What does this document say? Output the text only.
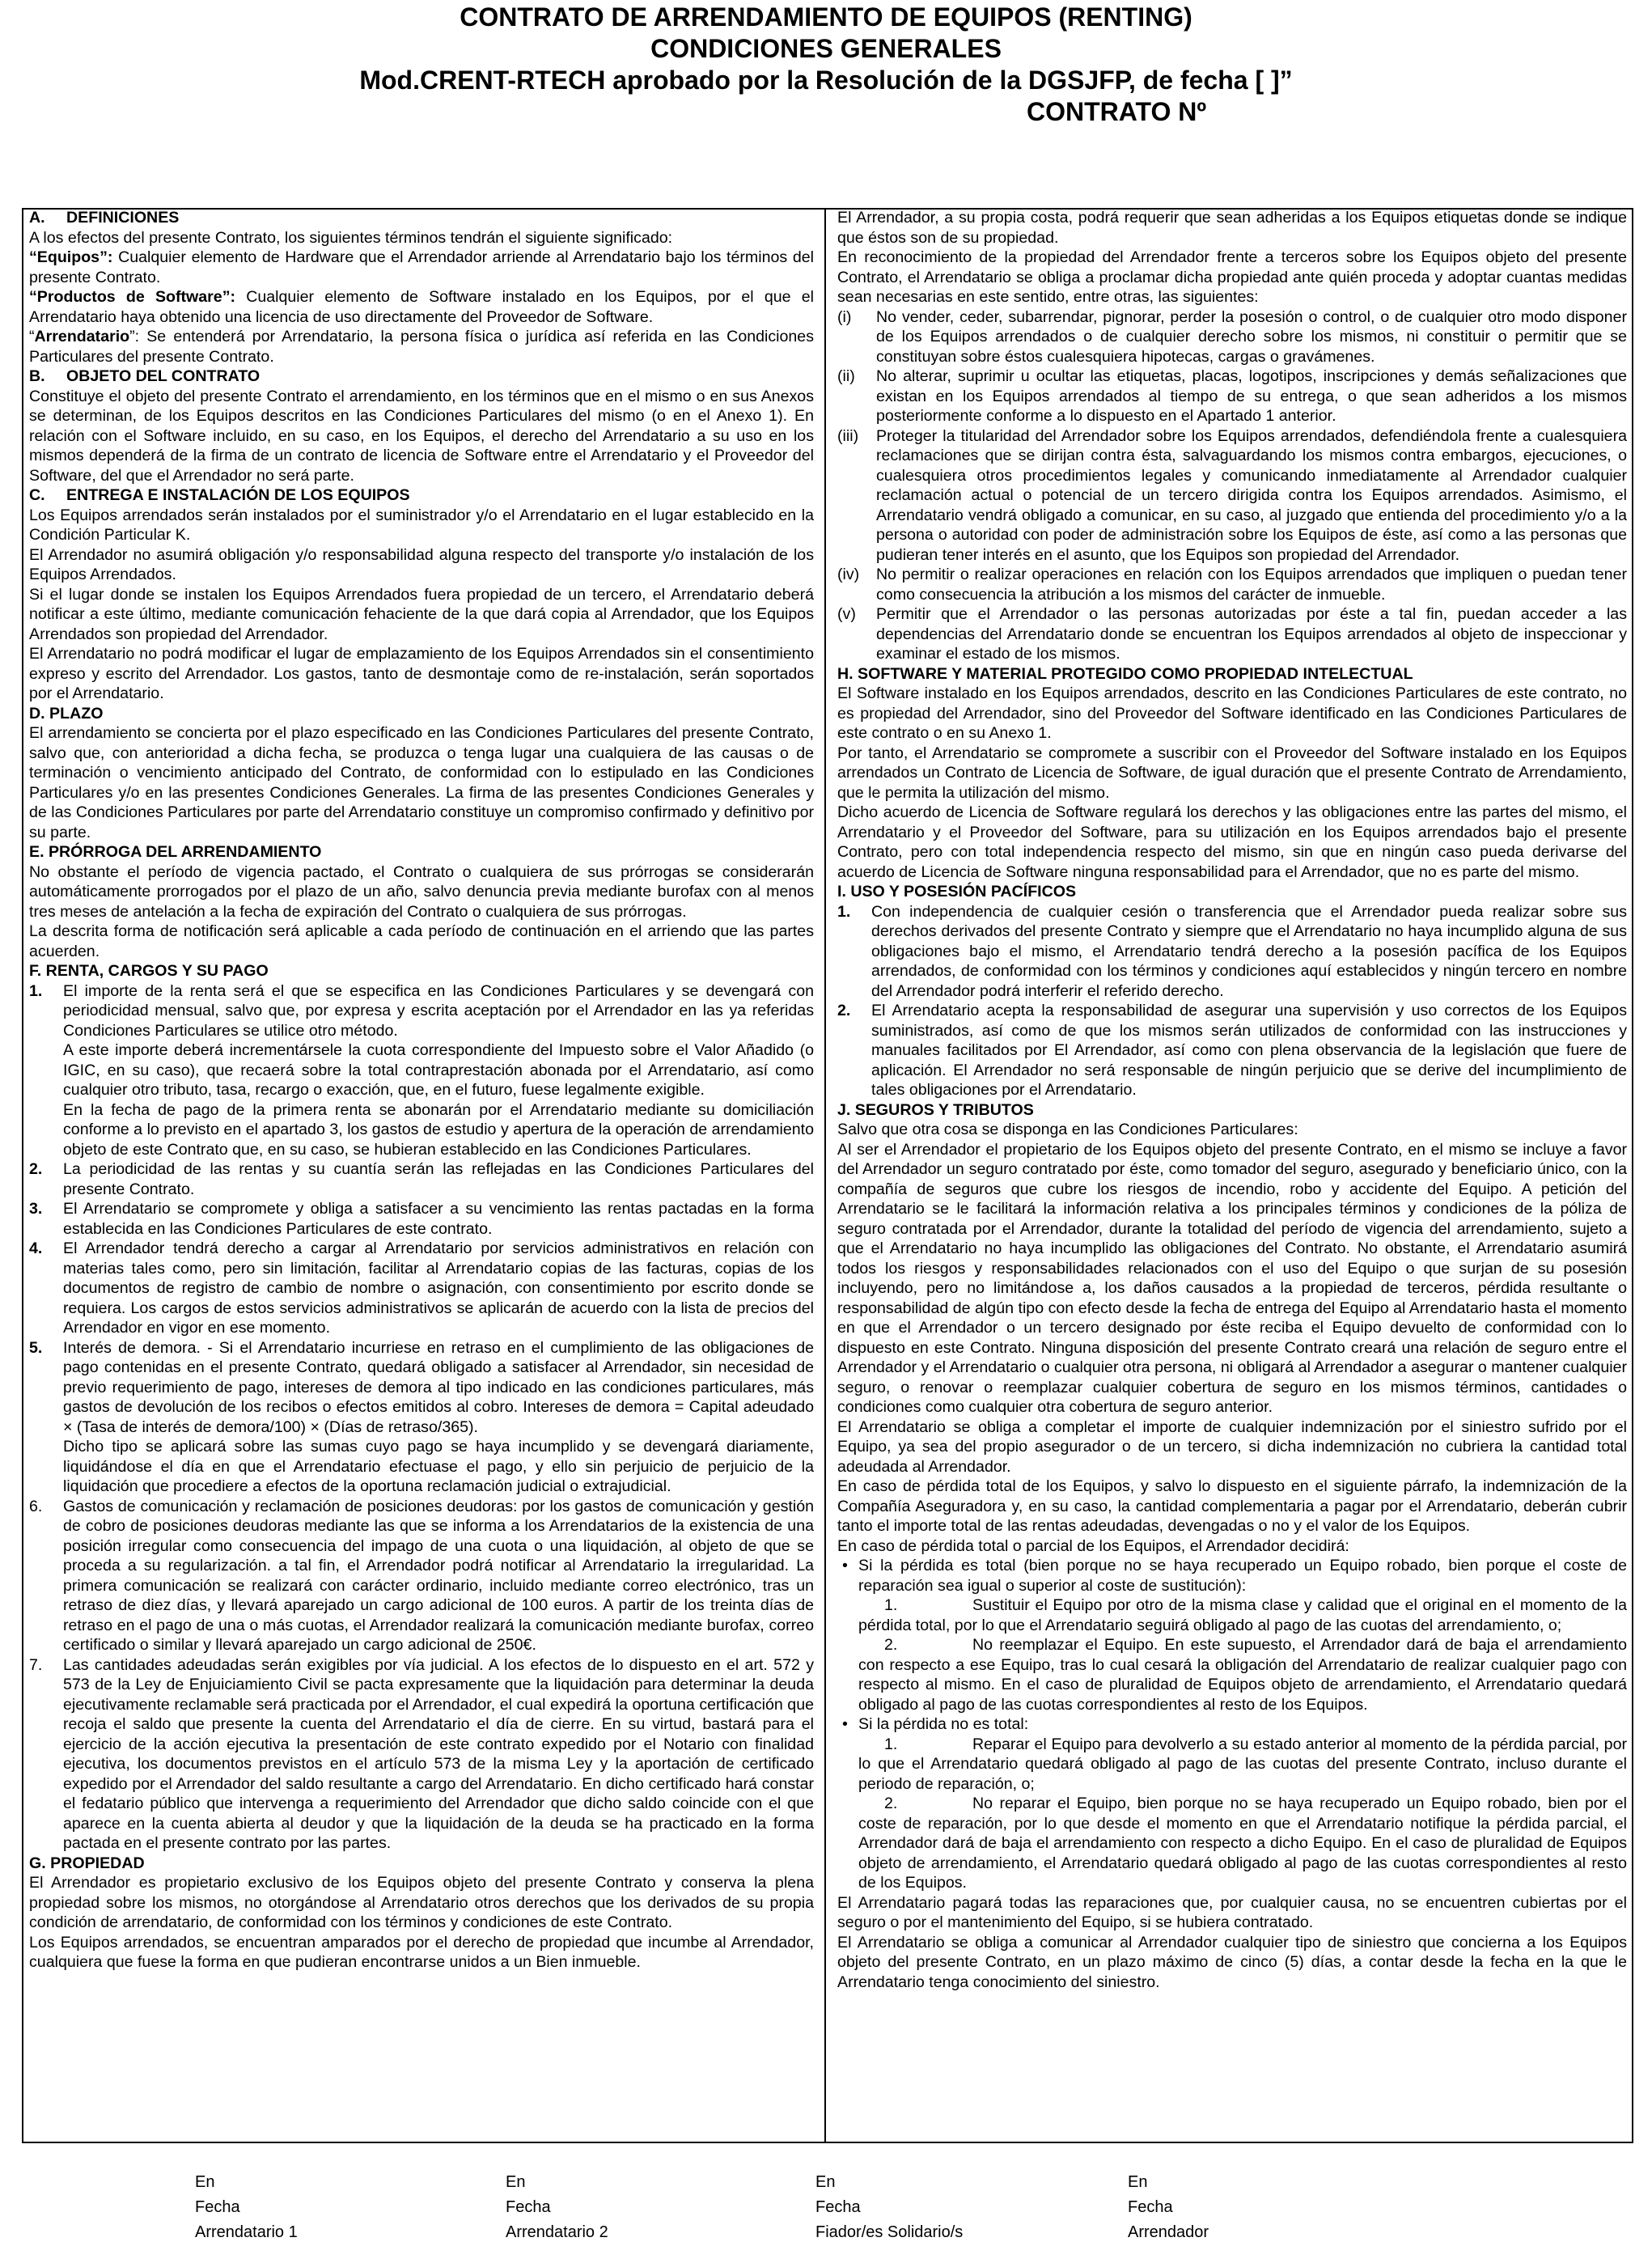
CONTRATO DE ARRENDAMIENTO DE EQUIPOS (RENTING)
CONDICIONES GENERALES
Mod.CRENT-RTECH aprobado por la Resolución de la DGSJFP, de fecha [ ]”
CONTRATO Nº

A. DEFINICIONES

A los efectos del presente Contrato, los siguientes términos tendrán el siguiente significado:

“Equipos”: Cualquier elemento de Hardware que el Arrendador arriende al Arrendatario bajo los términos del presente Contrato.

“Productos de Software”: Cualquier elemento de Software instalado en los Equipos, por el que el Arrendatario haya obtenido una licencia de uso directamente del Proveedor de Software.

“Arrendatario”: Se entenderá por Arrendatario, la persona física o jurídica así referida en las Condiciones Particulares del presente Contrato.

B. OBJETO DEL CONTRATO

Constituye el objeto del presente Contrato el arrendamiento, en los términos que en el mismo o en sus Anexos se determinan, de los Equipos descritos en las Condiciones Particulares del mismo (o en el Anexo 1). En relación con el Software incluido, en su caso, en los Equipos, el derecho del Arrendatario a su uso en los mismos dependerá de la firma de un contrato de licencia de Software entre el Arrendatario y el Proveedor del Software, del que el Arrendador no será parte.

C. ENTREGA E INSTALACIÓN DE LOS EQUIPOS

Los Equipos arrendados serán instalados por el suministrador y/o el Arrendatario en el lugar establecido en la Condición Particular K.

El Arrendador no asumirá obligación y/o responsabilidad alguna respecto del transporte y/o instalación de los Equipos Arrendados.

Si el lugar donde se instalen los Equipos Arrendados fuera propiedad de un tercero, el Arrendatario deberá notificar a este último, mediante comunicación fehaciente de la que dará copia al Arrendador, que los Equipos Arrendados son propiedad del Arrendador.

El Arrendatario no podrá modificar el lugar de emplazamiento de los Equipos Arrendados sin el consentimiento expreso y escrito del Arrendador. Los gastos, tanto de desmontaje como de re-instalación, serán soportados por el Arrendatario.

D. PLAZO

El arrendamiento se concierta por el plazo especificado en las Condiciones Particulares del presente Contrato, salvo que, con anterioridad a dicha fecha, se produzca o tenga lugar una cualquiera de las causas o de terminación o vencimiento anticipado del Contrato, de conformidad con lo estipulado en las Condiciones Particulares y/o en las presentes Condiciones Generales. La firma de las presentes Condiciones Generales y de las Condiciones Particulares por parte del Arrendatario constituye un compromiso confirmado y definitivo por su parte.

E. PRÓRROGA DEL ARRENDAMIENTO

No obstante el período de vigencia pactado, el Contrato o cualquiera de sus prórrogas se considerarán automáticamente prorrogados por el plazo de un año, salvo denuncia previa mediante burofax con al menos tres meses de antelación a la fecha de expiración del Contrato o cualquiera de sus prórrogas.

La descrita forma de notificación será aplicable a cada período de continuación en el arriendo que las partes acuerden.

F. RENTA, CARGOS Y SU PAGO

1. El importe de la renta será el que se especifica en las Condiciones Particulares y se devengará con periodicidad mensual, salvo que, por expresa y escrita aceptación por el Arrendador en las ya referidas Condiciones Particulares se utilice otro método.

A este importe deberá incrementársele la cuota correspondiente del Impuesto sobre el Valor Añadido (o IGIC, en su caso), que recaerá sobre la total contraprestación abonada por el Arrendatario, así como cualquier otro tributo, tasa, recargo o exacción, que, en el futuro, fuese legalmente exigible.

En la fecha de pago de la primera renta se abonarán por el Arrendatario mediante su domiciliación conforme a lo previsto en el apartado 3, los gastos de estudio y apertura de la operación de arrendamiento objeto de este Contrato que, en su caso, se hubieran establecido en las Condiciones Particulares.

2. La periodicidad de las rentas y su cuantía serán las reflejadas en las Condiciones Particulares del presente Contrato.

3. El Arrendatario se compromete y obliga a satisfacer a su vencimiento las rentas pactadas en la forma establecida en las Condiciones Particulares de este contrato.

4. El Arrendador tendrá derecho a cargar al Arrendatario por servicios administrativos en relación con materias tales como, pero sin limitación, facilitar al Arrendatario copias de las facturas, copias de los documentos de registro de cambio de nombre o asignación, con consentimiento por escrito donde se requiera. Los cargos de estos servicios administrativos se aplicarán de acuerdo con la lista de precios del Arrendador en vigor en ese momento.

5. Interés de demora. - Si el Arrendatario incurriese en retraso en el cumplimiento de las obligaciones de pago contenidas en el presente Contrato, quedará obligado a satisfacer al Arrendador, sin necesidad de previo requerimiento de pago, intereses de demora al tipo indicado en las condiciones particulares, más gastos de devolución de los recibos o efectos emitidos al cobro. Intereses de demora = Capital adeudado × (Tasa de interés de demora/100) × (Días de retraso/365).

Dicho tipo se aplicará sobre las sumas cuyo pago se haya incumplido y se devengará diariamente, liquidándose el día en que el Arrendatario efectuase el pago, y ello sin perjuicio de perjuicio de la liquidación que procediere a efectos de la oportuna reclamación judicial o extrajudicial.

6. Gastos de comunicación y reclamación de posiciones deudoras: por los gastos de comunicación y gestión de cobro de posiciones deudoras mediante las que se informa a los Arrendatarios de la existencia de una posición irregular como consecuencia del impago de una cuota o una liquidación, al objeto de que se proceda a su regularización. a tal fin, el Arrendador podrá notificar al Arrendatario la irregularidad. La primera comunicación se realizará con carácter ordinario, incluido mediante correo electrónico, tras un retraso de diez días, y llevará aparejado un cargo adicional de 100 euros. A partir de los treinta días de retraso en el pago de una o más cuotas, el Arrendador realizará la comunicación mediante burofax, correo certificado o similar y llevará aparejado un cargo adicional de 250€.

7. Las cantidades adeudadas serán exigibles por vía judicial. A los efectos de lo dispuesto en el art. 572 y 573 de la Ley de Enjuiciamiento Civil se pacta expresamente que la liquidación para determinar la deuda ejecutivamente reclamable será practicada por el Arrendador, el cual expedirá la oportuna certificación que recoja el saldo que presente la cuenta del Arrendatario el día de cierre. En su virtud, bastará para el ejercicio de la acción ejecutiva la presentación de este contrato expedido por el Notario con finalidad ejecutiva, los documentos previstos en el artículo 573 de la misma Ley y la aportación de certificado expedido por el Arrendador del saldo resultante a cargo del Arrendatario. En dicho certificado hará constar el fedatario público que intervenga a requerimiento del Arrendador que dicho saldo coincide con el que aparece en la cuenta abierta al deudor y que la liquidación de la deuda se ha practicado en la forma pactada en el presente contrato por las partes.

G. PROPIEDAD

El Arrendador es propietario exclusivo de los Equipos objeto del presente Contrato y conserva la plena propiedad sobre los mismos, no otorgándose al Arrendatario otros derechos que los derivados de su propia condición de arrendatario, de conformidad con los términos y condiciones de este Contrato.

Los Equipos arrendados, se encuentran amparados por el derecho de propiedad que incumbe al Arrendador, cualquiera que fuese la forma en que pudieran encontrarse unidos a un Bien inmueble.

El Arrendador, a su propia costa, podrá requerir que sean adheridas a los Equipos etiquetas donde se indique que éstos son de su propiedad.

En reconocimiento de la propiedad del Arrendador frente a terceros sobre los Equipos objeto del presente Contrato, el Arrendatario se obliga a proclamar dicha propiedad ante quién proceda y adoptar cuantas medidas sean necesarias en este sentido, entre otras, las siguientes:

(i) No vender, ceder, subarrendar, pignorar, perder la posesión o control, o de cualquier otro modo disponer de los Equipos arrendados o de cualquier derecho sobre los mismos, ni constituir o permitir que se constituyan sobre éstos cualesquiera hipotecas, cargas o gravámenes.

(ii) No alterar, suprimir u ocultar las etiquetas, placas, logotipos, inscripciones y demás señalizaciones que existan en los Equipos arrendados al tiempo de su entrega, o que sean adheridos a los mismos posteriormente conforme a lo dispuesto en el Apartado 1 anterior.

(iii) Proteger la titularidad del Arrendador sobre los Equipos arrendados, defendiéndola frente a cualesquiera reclamaciones que se dirijan contra ésta, salvaguardando los mismos contra embargos, ejecuciones, o cualesquiera otros procedimientos legales y comunicando inmediatamente al Arrendador cualquier reclamación actual o potencial de un tercero dirigida contra los Equipos arrendados. Asimismo, el Arrendatario vendrá obligado a comunicar, en su caso, al juzgado que entienda del procedimiento y/o a la persona o autoridad con poder de administración sobre los Equipos de éste, así como a las personas que pudieran tener interés en el asunto, que los Equipos son propiedad del Arrendador.

(iv) No permitir o realizar operaciones en relación con los Equipos arrendados que impliquen o puedan tener como consecuencia la atribución a los mismos del carácter de inmueble.

(v) Permitir que el Arrendador o las personas autorizadas por éste a tal fin, puedan acceder a las dependencias del Arrendatario donde se encuentran los Equipos arrendados al objeto de inspeccionar y examinar el estado de los mismos.

H. SOFTWARE Y MATERIAL PROTEGIDO COMO PROPIEDAD INTELECTUAL

El Software instalado en los Equipos arrendados, descrito en las Condiciones Particulares de este contrato, no es propiedad del Arrendador, sino del Proveedor del Software identificado en las Condiciones Particulares de este contrato o en su Anexo 1.

Por tanto, el Arrendatario se compromete a suscribir con el Proveedor del Software instalado en los Equipos arrendados un Contrato de Licencia de Software, de igual duración que el presente Contrato de Arrendamiento, que le permita la utilización del mismo.

Dicho acuerdo de Licencia de Software regulará los derechos y las obligaciones entre las partes del mismo, el Arrendatario y el Proveedor del Software, para su utilización en los Equipos arrendados bajo el presente Contrato, pero con total independencia respecto del mismo, sin que en ningún caso pueda derivarse del acuerdo de Licencia de Software ninguna responsabilidad para el Arrendador, que no es parte del mismo.

I. USO Y POSESIÓN PACÍFICOS

1. Con independencia de cualquier cesión o transferencia que el Arrendador pueda realizar sobre sus derechos derivados del presente Contrato y siempre que el Arrendatario no haya incumplido alguna de sus obligaciones bajo el mismo, el Arrendatario tendrá derecho a la posesión pacífica de los Equipos arrendados, de conformidad con los términos y condiciones aquí establecidos y ningún tercero en nombre del Arrendador podrá interferir el referido derecho.

2. El Arrendatario acepta la responsabilidad de asegurar una supervisión y uso correctos de los Equipos suministrados, así como de que los mismos serán utilizados de conformidad con las instrucciones y manuales facilitados por El Arrendador, así como con plena observancia de la legislación que fuere de aplicación. El Arrendador no será responsable de ningún perjuicio que se derive del incumplimiento de tales obligaciones por el Arrendatario.

J. SEGUROS Y TRIBUTOS

Salvo que otra cosa se disponga en las Condiciones Particulares:

Al ser el Arrendador el propietario de los Equipos objeto del presente Contrato, en el mismo se incluye a favor del Arrendador un seguro contratado por éste, como tomador del seguro, asegurado y beneficiario único, con la compañía de seguros que cubre los riesgos de incendio, robo y accidente del Equipo. A petición del Arrendatario se le facilitará la información relativa a los principales términos y condiciones de la póliza de seguro contratada por el Arrendador, durante la totalidad del período de vigencia del arrendamiento, sujeto a que el Arrendatario no haya incumplido las obligaciones del Contrato. No obstante, el Arrendatario asumirá todos los riesgos y responsabilidades relacionados con el uso del Equipo o que surjan de su posesión incluyendo, pero no limitándose a, los daños causados a la propiedad de terceros, pérdida resultante o responsabilidad de algún tipo con efecto desde la fecha de entrega del Equipo al Arrendatario hasta el momento en que el Arrendador o un tercero designado por éste reciba el Equipo devuelto de conformidad con lo dispuesto en este Contrato. Ninguna disposición del presente Contrato creará una relación de seguro entre el Arrendador y el Arrendatario o cualquier otra persona, ni obligará al Arrendador a asegurar o mantener cualquier seguro, o renovar o reemplazar cualquier cobertura de seguro en los mismos términos, cantidades o condiciones como cualquier otra cobertura de seguro anterior.

El Arrendatario se obliga a completar el importe de cualquier indemnización por el siniestro sufrido por el Equipo, ya sea del propio asegurador o de un tercero, si dicha indemnización no cubriera la cantidad total adeudada al Arrendador.

En caso de pérdida total de los Equipos, y salvo lo dispuesto en el siguiente párrafo, la indemnización de la Compañía Aseguradora y, en su caso, la cantidad complementaria a pagar por el Arrendatario, deberán cubrir tanto el importe total de las rentas adeudadas, devengadas o no y el valor de los Equipos.

En caso de pérdida total o parcial de los Equipos, el Arrendador decidirá:

• Si la pérdida es total (bien porque no se haya recuperado un Equipo robado, bien porque el coste de reparación sea igual o superior al coste de sustitución):

1.	Sustituir el Equipo por otro de la misma clase y calidad que el original en el momento de la pérdida total, por lo que el Arrendatario seguirá obligado al pago de las cuotas del arrendamiento, o;

2.	No reemplazar el Equipo. En este supuesto, el Arrendador dará de baja el arrendamiento con respecto a ese Equipo, tras lo cual cesará la obligación del Arrendatario de realizar cualquier pago con respecto al mismo. En el caso de pluralidad de Equipos objeto de arrendamiento, el Arrendatario quedará obligado al pago de las cuotas correspondientes al resto de los Equipos.

• Si la pérdida no es total:

1.	Reparar el Equipo para devolverlo a su estado anterior al momento de la pérdida parcial, por lo que el Arrendatario quedará obligado al pago de las cuotas del presente Contrato, incluso durante el periodo de reparación, o;

2.	No reparar el Equipo, bien porque no se haya recuperado un Equipo robado, bien por el coste de reparación, por lo que desde el momento en que el Arrendatario notifique la pérdida parcial, el Arrendador dará de baja el arrendamiento con respecto a dicho Equipo. En el caso de pluralidad de Equipos objeto de arrendamiento, el Arrendatario quedará obligado al pago de las cuotas correspondientes al resto de los Equipos.

El Arrendatario pagará todas las reparaciones que, por cualquier causa, no se encuentren cubiertas por el seguro o por el mantenimiento del Equipo, si se hubiera contratado.

El Arrendatario se obliga a comunicar al Arrendador cualquier tipo de siniestro que concierna a los Equipos objeto del presente Contrato, en un plazo máximo de cinco (5) días, a contar desde la fecha en la que le Arrendatario tenga conocimiento del siniestro.

En
Fecha
Arrendatario 1
En
Fecha
Arrendatario 2
En
Fecha
Fiador/es Solidario/s
En
Fecha
Arrendador
